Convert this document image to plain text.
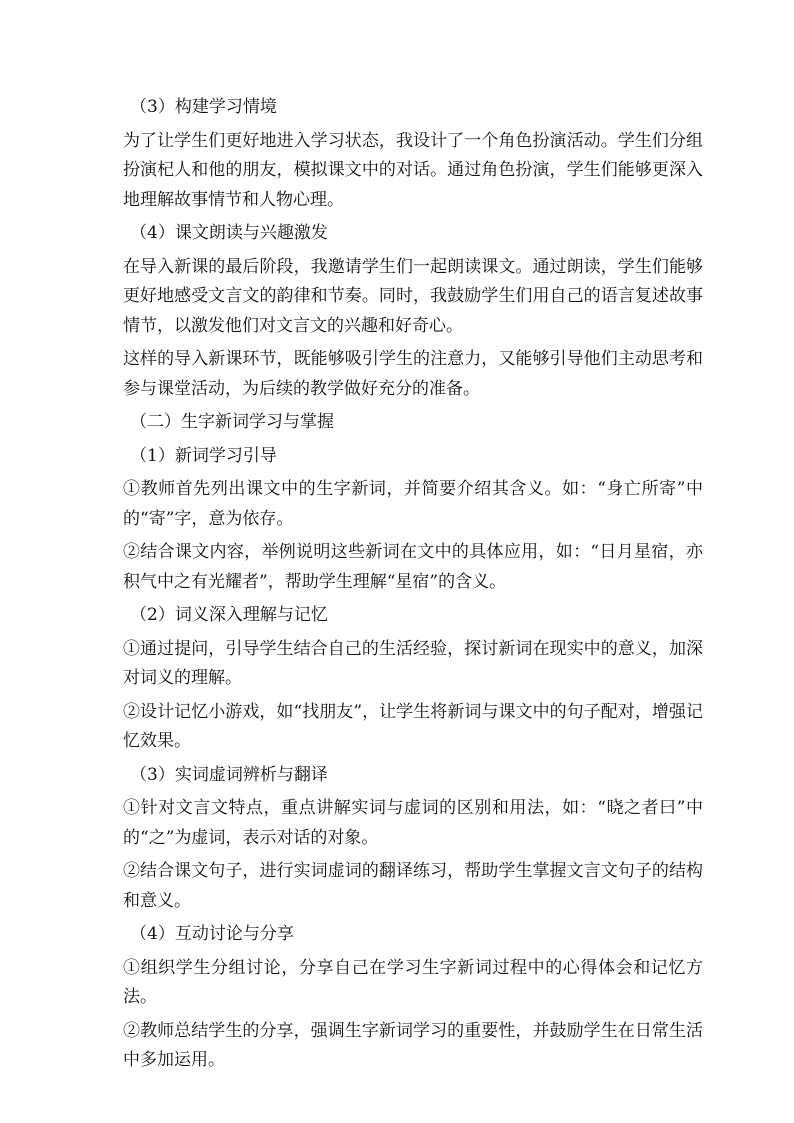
（3）构建学习情境

为了让学生们更好地进入学习状态，我设计了一个角色扮演活动。学生们分组扮演杞人和他的朋友，模拟课文中的对话。通过角色扮演，学生们能够更深入地理解故事情节和人物心理。

（4）课文朗读与兴趣激发

在导入新课的最后阶段，我邀请学生们一起朗读课文。通过朗读，学生们能够更好地感受文言文的韵律和节奏。同时，我鼓励学生们用自己的语言复述故事情节，以激发他们对文言文的兴趣和好奇心。

这样的导入新课环节，既能够吸引学生的注意力，又能够引导他们主动思考和参与课堂活动，为后续的教学做好充分的准备。

（二）生字新词学习与掌握

（1）新词学习引导

①教师首先列出课文中的生字新词，并简要介绍其含义。如：“身亡所寄”中的“寄”字，意为依存。

②结合课文内容，举例说明这些新词在文中的具体应用，如：“日月星宿，亦积气中之有光耀者”，帮助学生理解“星宿”的含义。

（2）词义深入理解与记忆

①通过提问，引导学生结合自己的生活经验，探讨新词在现实中的意义，加深对词义的理解。

②设计记忆小游戏，如“找朋友”，让学生将新词与课文中的句子配对，增强记忆效果。

（3）实词虚词辨析与翻译

①针对文言文特点，重点讲解实词与虚词的区别和用法，如：“晓之者曰”中的“之”为虚词，表示对话的对象。

②结合课文句子，进行实词虚词的翻译练习，帮助学生掌握文言文句子的结构和意义。

（4）互动讨论与分享

①组织学生分组讨论，分享自己在学习生字新词过程中的心得体会和记忆方法。

②教师总结学生的分享，强调生字新词学习的重要性，并鼓励学生在日常生活中多加运用。
